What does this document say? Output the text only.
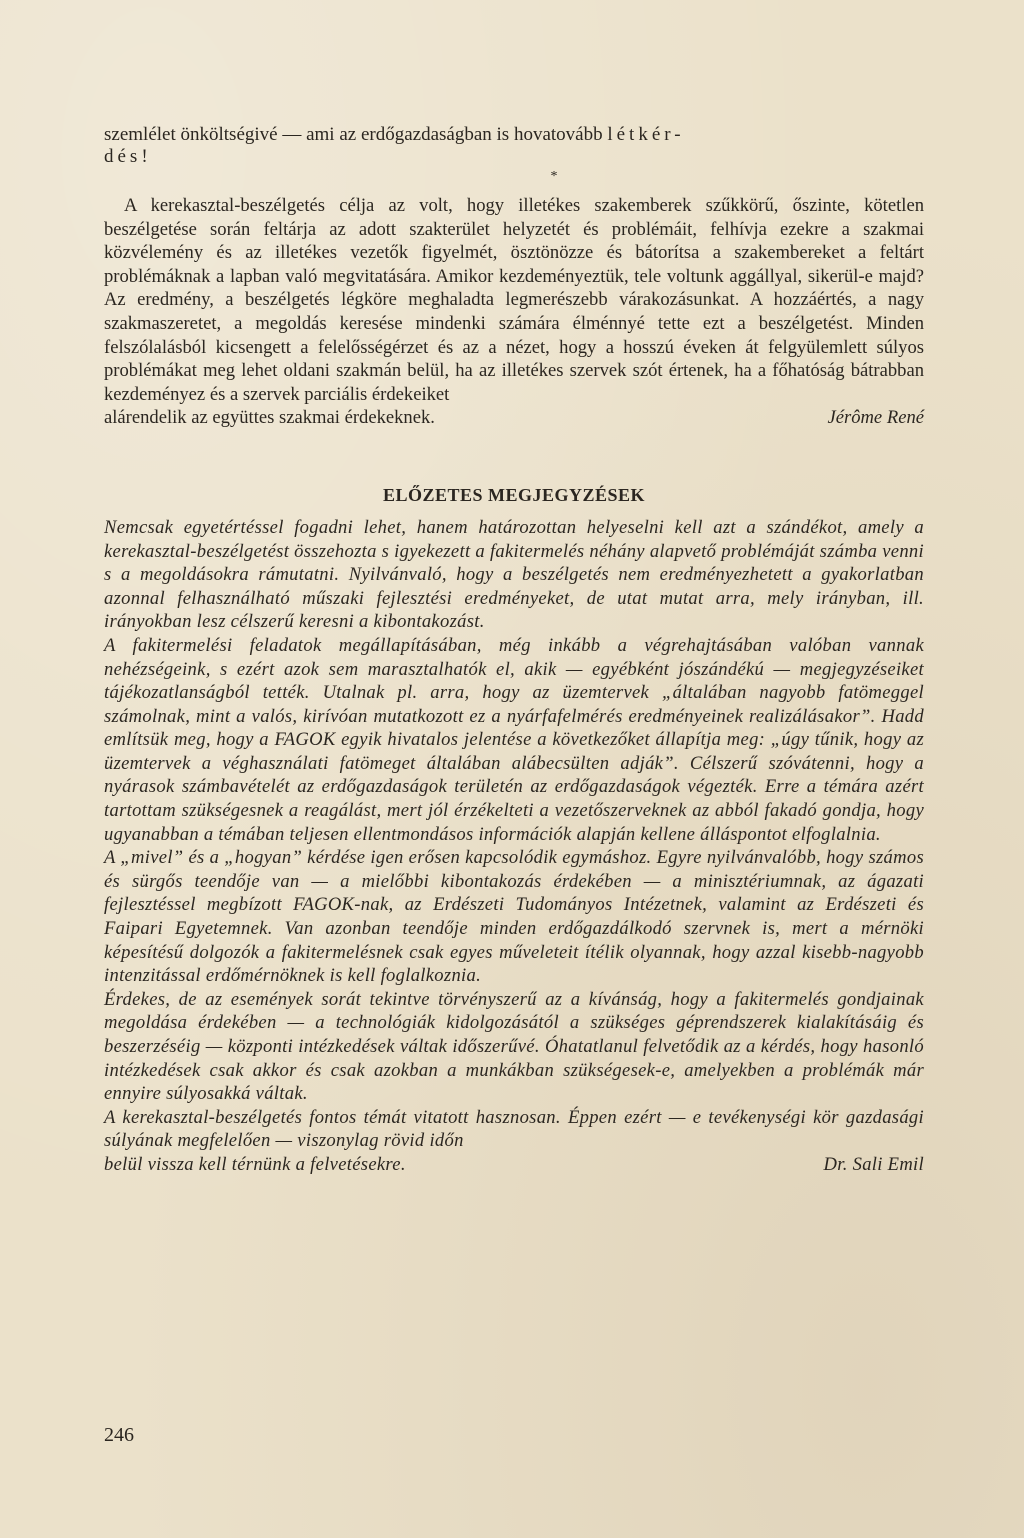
szemlélet önköltségivé — ami az erdőgazdaságban is hovatovább létkér-
dés!
*

A kerekasztal-beszélgetés célja az volt, hogy illetékes szakemberek szűkkörű, őszinte, kötetlen beszélgetése során feltárja az adott szakterület helyzetét és problémáit, felhívja ezekre a szakmai közvélemény és az illetékes vezetők figyelmét, ösztönözze és bátorítsa a szakembereket a feltárt problémáknak a lapban való megvitatására. Amikor kezdeményeztük, tele voltunk aggállyal, sikerül-e majd? Az eredmény, a beszélgetés légköre meghaladta legmerészebb várakozásunkat. A hozzáértés, a nagy szakmaszeretet, a megoldás keresése mindenki számára élménnyé tette ezt a beszélgetést. Minden felszólalásból kicsengett a felelősségérzet és az a nézet, hogy a hosszú éveken át felgyülemlett súlyos problémákat meg lehet oldani szakmán belül, ha az illetékes szervek szót értenek, ha a főhatóság bátrabban kezdeményez és a szervek parciális érdekeiket

alárendelik az együttes szakmai érdekeknek.	Jérôme René
ELŐZETES MEGJEGYZÉSEK

Nemcsak egyetértéssel fogadni lehet, hanem határozottan helyeselni kell azt a szándékot, amely a kerekasztal-beszélgetést összehozta s igyekezett a fakitermelés néhány alapvető problémáját számba venni s a megoldásokra rámutatni. Nyilvánvaló, hogy a beszélgetés nem eredményezhetett a gyakorlatban azonnal felhasználható műszaki fejlesztési eredményeket, de utat mutat arra, mely irányban, ill. irányokban lesz célszerű keresni a kibontakozást.

A fakitermelési feladatok megállapításában, még inkább a végrehajtásában valóban vannak nehézségeink, s ezért azok sem marasztalhatók el, akik — egyébként jószándékú — megjegyzéseiket tájékozatlanságból tették. Utalnak pl. arra, hogy az üzemtervek „általában nagyobb fatömeggel számolnak, mint a valós, kirívóan mutatkozott ez a nyárfafelmérés eredményeinek realizálásakor”. Hadd említsük meg, hogy a FAGOK egyik hivatalos jelentése a következőket állapítja meg: „úgy tűnik, hogy az üzemtervek a véghasználati fatömeget általában alábecsülten adják”. Célszerű szóvátenni, hogy a nyárasok számbavételét az erdőgazdaságok területén az erdőgazdaságok végezték. Erre a témára azért tartottam szükségesnek a reagálást, mert jól érzékelteti a vezetőszerveknek az abból fakadó gondja, hogy ugyanabban a témában teljesen ellentmondásos információk alapján kellene álláspontot elfoglalnia.

A „mivel” és a „hogyan” kérdése igen erősen kapcsolódik egymáshoz. Egyre nyilvánvalóbb, hogy számos és sürgős teendője van — a mielőbbi kibontakozás érdekében — a minisztériumnak, az ágazati fejlesztéssel megbízott FAGOK-nak, az Erdészeti Tudományos Intézetnek, valamint az Erdészeti és Faipari Egyetemnek. Van azonban teendője minden erdőgazdálkodó szervnek is, mert a mérnöki képesítésű dolgozók a fakitermelésnek csak egyes műveleteit ítélik olyannak, hogy azzal kisebb-nagyobb intenzitással erdőmérnöknek is kell foglalkoznia.

Érdekes, de az események sorát tekintve törvényszerű az a kívánság, hogy a fakitermelés gondjainak megoldása érdekében — a technológiák kidolgozásától a szükséges géprendszerek kialakításáig és beszerzéséig — központi intézkedések váltak időszerűvé. Óhatatlanul felvetődik az a kérdés, hogy hasonló intézkedések csak akkor és csak azokban a munkákban szükségesek-e, amelyekben a problémák már ennyire súlyosakká váltak.

A kerekasztal-beszélgetés fontos témát vitatott hasznosan. Éppen ezért — e tevékenységi kör gazdasági súlyának megfelelően — viszonylag rövid időn

belül vissza kell térnünk a felvetésekre.	Dr. Sali Emil

246
